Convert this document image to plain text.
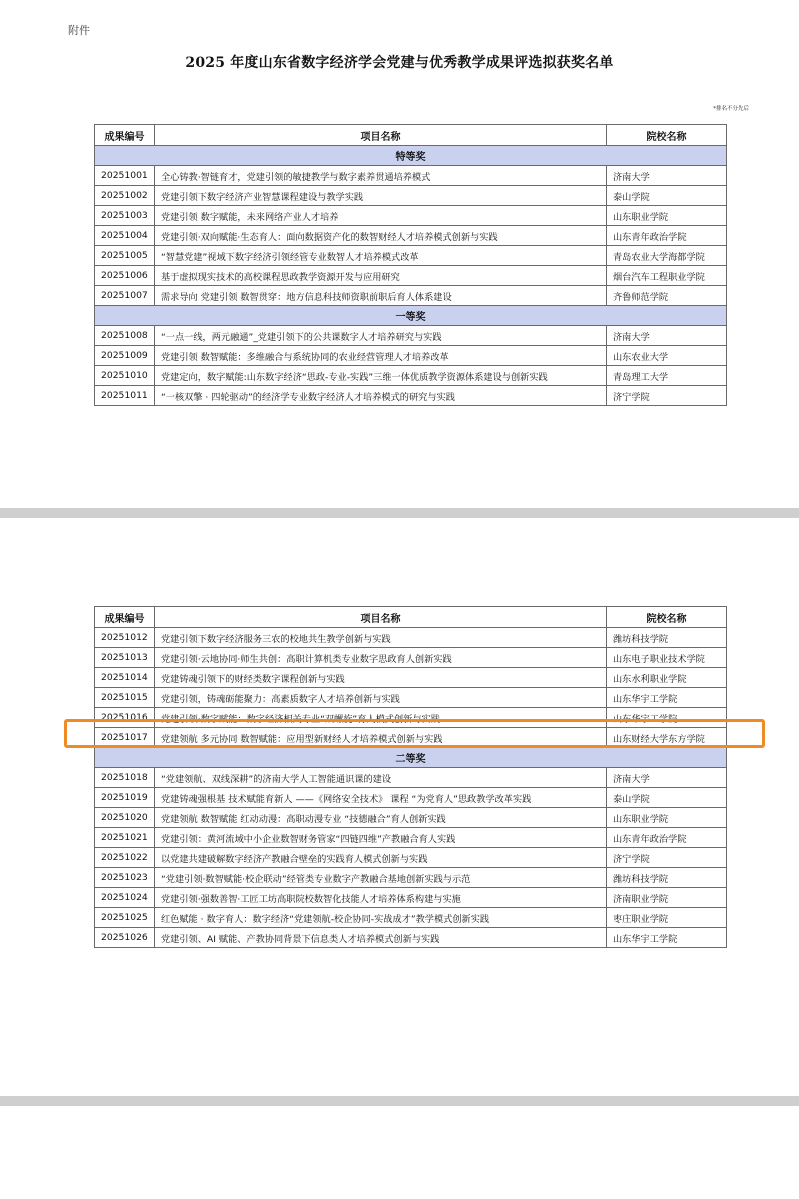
附件
2025 年度山东省数字经济学会党建与优秀教学成果评选拟获奖名单
*排名不分先后
成果编号	项目名称	院校名称
特等奖		
20251001	全心铸教·智链育才，党建引领的敏捷教学与数字素养贯通培养模式	济南大学
20251002	党建引领下数字经济产业智慧课程建设与教学实践	泰山学院
20251003	党建引领 数字赋能，未来网络产业人才培养	山东职业学院
20251004	党建引领·双向赋能·生态育人：面向数据资产化的数智财经人才培养模式创新与实践	山东青年政治学院
20251005	“智慧党建”视域下数字经济引领经管专业数智人才培养模式改革	青岛农业大学海都学院
20251006	基于虚拟现实技术的高校课程思政教学资源开发与应用研究	烟台汽车工程职业学院
20251007	需求导向 党建引领 数智贯穿：地方信息科技师资职前职后育人体系建设	齐鲁师范学院
一等奖		
20251008	“一点一线，两元融通”_党建引领下的公共课数字人才培养研究与实践	济南大学
20251009	党建引领 数智赋能：多维融合与系统协同的农业经营管理人才培养改革	山东农业大学
20251010	党建定向，数字赋能:山东数字经济“思政-专业-实践”三维一体优质教学资源体系建设与创新实践	青岛理工大学
20251011	“一核双擎 · 四轮驱动”的经济学专业数字经济人才培养模式的研究与实践	济宁学院
成果编号	项目名称	院校名称
20251012	党建引领下数字经济服务三农的校地共生教学创新与实践	潍坊科技学院
20251013	党建引领·云地协同·师生共创：高职计算机类专业数字思政育人创新实践	山东电子职业技术学院
20251014	党建铸魂引领下的财经类数字课程创新与实践	山东水利职业学院
20251015	党建引领，铸魂砺能聚力：高素质数字人才培养创新与实践	山东华宇工学院
20251016	党建引领·数字赋能：数字经济相关专业“双螺旋”育人模式创新与实践	山东华宇工学院
20251017	党建领航 多元协同 数智赋能：应用型新财经人才培养模式创新与实践	山东财经大学东方学院
二等奖		
20251018	“党建领航、双线深耕”的济南大学人工智能通识课的建设	济南大学
20251019	党建铸魂强根基 技术赋能育新人 ——《网络安全技术》 课程 “为党育人”思政教学改革实践	泰山学院
20251020	党建领航 数智赋能 红动动漫：高职动漫专业 “技德融合”育人创新实践	山东职业学院
20251021	党建引领：黄河流域中小企业数智财务管家“四链四维”产教融合育人实践	山东青年政治学院
20251022	以党建共建破解数字经济产教融合壁垒的实践育人模式创新与实践	济宁学院
20251023	“党建引领·数智赋能·校企联动”经管类专业数字产教融合基地创新实践与示范	潍坊科技学院
20251024	党建引领·强数善智·工匠工坊高职院校数智化技能人才培养体系构建与实施	济南职业学院
20251025	红色赋能 · 数字育人：数字经济“党建领航-校企协同-实战成才”教学模式创新实践	枣庄职业学院
20251026	党建引领、AI 赋能、产教协同背景下信息类人才培养模式创新与实践	山东华宇工学院
